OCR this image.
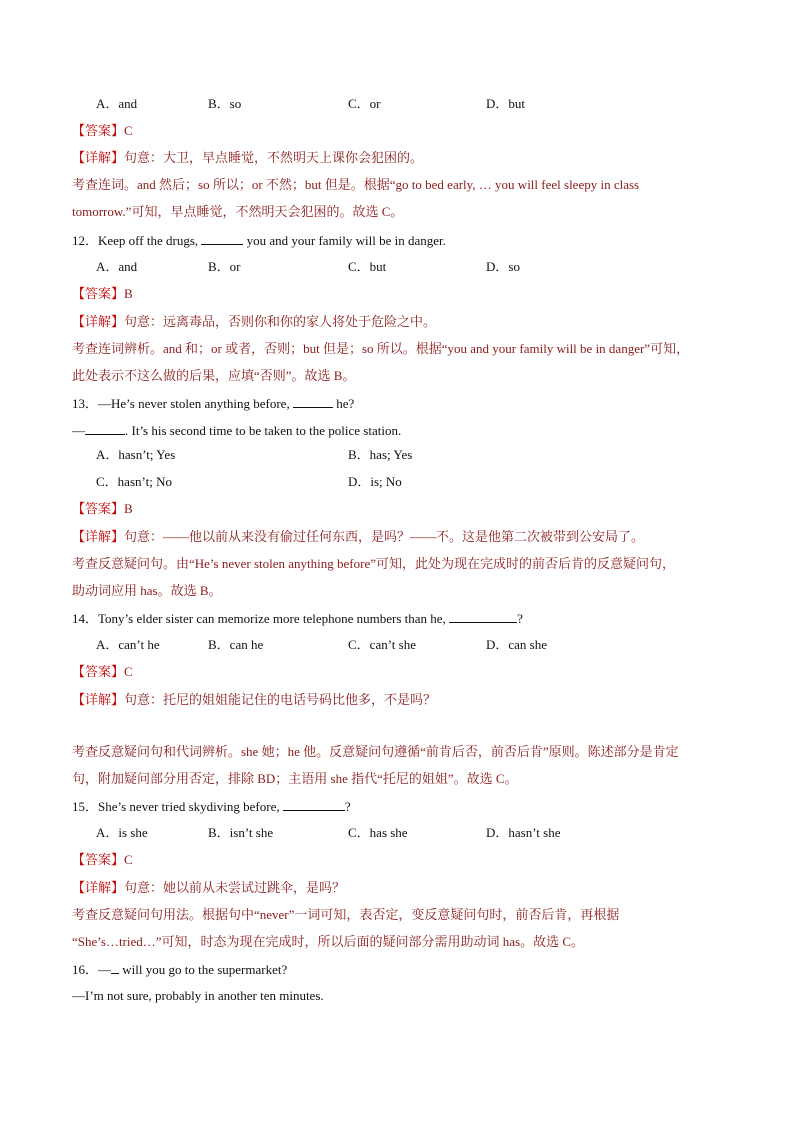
A．and	B．so	C．or	D．but
【答案】C
【详解】句意：大卫，早点睡觉，不然明天上课你会犯困的。
考查连词。and 然后；so 所以；or 不然；but 但是。根据“go to bed early, … you will feel sleepy in class
tomorrow.”可知，早点睡觉，不然明天会犯困的。故选 C。
12．Keep off the drugs,	you and your family will be in danger.
A．and	B．or	C．but	D．so
【答案】B
【详解】句意：远离毒品，否则你和你的家人将处于危险之中。
考查连词辨析。and 和；or 或者，否则；but 但是；so 所以。根据“you and your family will be in danger”可知，
此处表示不这么做的后果，应填“否则”。故选 B。
13．—He’s never stolen anything before,	he?
—	. It’s his second time to be taken to the police station.
A．hasn’t; Yes	B．has; Yes
C．hasn’t; No	D．is; No
【答案】B
【详解】句意：——他以前从来没有偷过任何东西，是吗？——不。这是他第二次被带到公安局了。
考查反意疑问句。由“He’s never stolen anything before”可知，此处为现在完成时的前否后肯的反意疑问句，
助动词应用 has。故选 B。
14．Tony’s elder sister can memorize more telephone numbers than he,	?
A．can’t he	B．can he	C．can’t she	D．can she
【答案】C
【详解】句意：托尼的姐姐能记住的电话号码比他多，不是吗？
考查反意疑问句和代词辨析。she 她；he 他。反意疑问句遵循“前肯后否，前否后肯”原则。陈述部分是肯定
句，附加疑问部分用否定，排除 BD；主语用 she 指代“托尼的姐姐”。故选 C。
15．She’s never tried skydiving before,	?
A．is she	B．isn’t she	C．has she	D．hasn’t she
【答案】C
【详解】句意：她以前从未尝试过跳伞，是吗？
考查反意疑问句用法。根据句中“never”一词可知，表否定，变反意疑问句时，前否后肯，再根据
“She’s…tried…”可知，时态为现在完成时，所以后面的疑问部分需用助动词 has。故选 C。
16．— will you go to the supermarket?
—I’m not sure, probably in another ten minutes.
